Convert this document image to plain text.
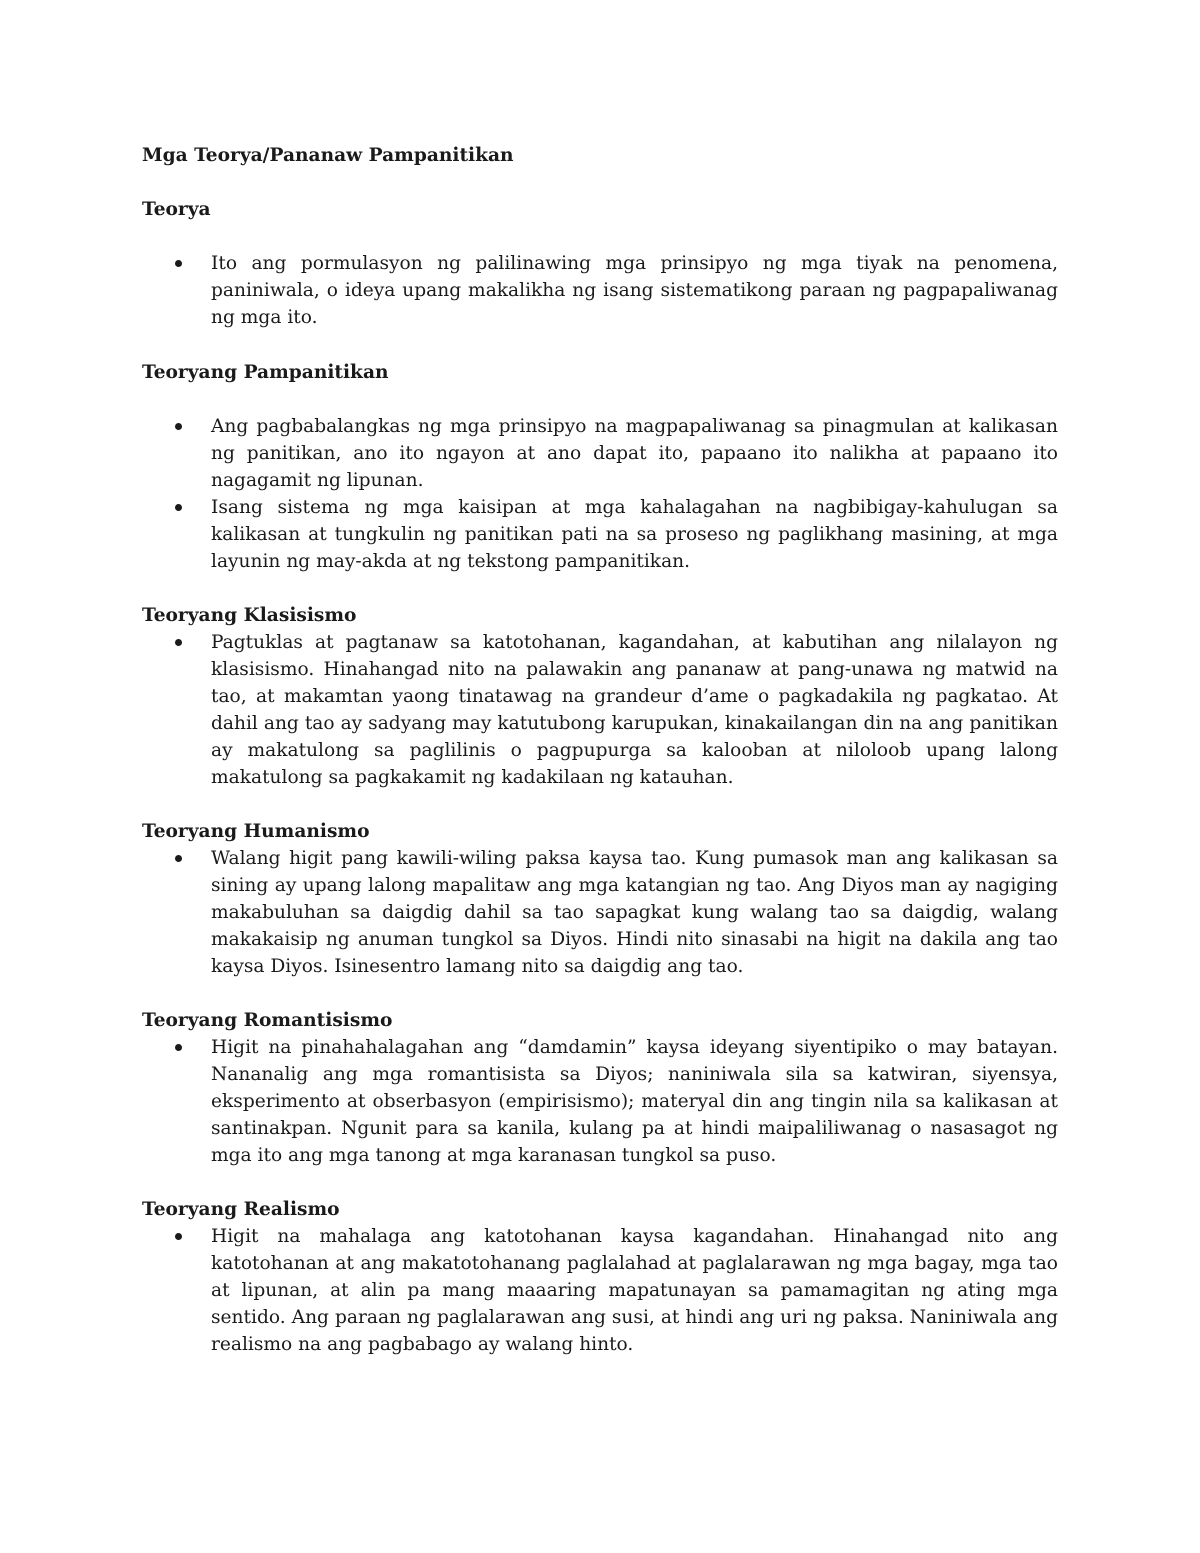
Mga Teorya/Pananaw Pampanitikan

Teorya

Ito ang pormulasyon ng palilinawing mga prinsipyo ng mga tiyak na penomena, paniniwala, o ideya upang makalikha ng isang sistematikong paraan ng pagpapaliwanag ng mga ito.

Teoryang Pampanitikan

Ang pagbabalangkas ng mga prinsipyo na magpapaliwanag sa pinagmulan at kalikasan ng panitikan, ano ito ngayon at ano dapat ito, papaano ito nalikha at papaano ito nagagamit ng lipunan.
Isang sistema ng mga kaisipan at mga kahalagahan na nagbibigay-kahulugan sa kalikasan at tungkulin ng panitikan pati na sa proseso ng paglikhang masining, at mga layunin ng may-akda at ng tekstong pampanitikan.

Teoryang Klasisismo

Pagtuklas at pagtanaw sa katotohanan, kagandahan, at kabutihan ang nilalayon ng klasisismo. Hinahangad nito na palawakin ang pananaw at pang-unawa ng matwid na tao, at makamtan yaong tinatawag na grandeur d’ame o pagkadakila ng pagkatao. At dahil ang tao ay sadyang may katutubong karupukan, kinakailangan din na ang panitikan ay makatulong sa paglilinis o pagpupurga sa kalooban at niloloob upang lalong makatulong sa pagkakamit ng kadakilaan ng katauhan.

Teoryang Humanismo

Walang higit pang kawili-wiling paksa kaysa tao. Kung pumasok man ang kalikasan sa sining ay upang lalong mapalitaw ang mga katangian ng tao. Ang Diyos man ay nagiging makabuluhan sa daigdig dahil sa tao sapagkat kung walang tao sa daigdig, walang makakaisip ng anuman tungkol sa Diyos. Hindi nito sinasabi na higit na dakila ang tao kaysa Diyos. Isinesentro lamang nito sa daigdig ang tao.

Teoryang Romantisismo

Higit na pinahahalagahan ang “damdamin” kaysa ideyang siyentipiko o may batayan. Nananalig ang mga romantisista sa Diyos; naniniwala sila sa katwiran, siyensya, eksperimento at obserbasyon (empirisismo); materyal din ang tingin nila sa kalikasan at santinakpan. Ngunit para sa kanila, kulang pa at hindi maipaliliwanag o nasasagot ng mga ito ang mga tanong at mga karanasan tungkol sa puso.

Teoryang Realismo

Higit na mahalaga ang katotohanan kaysa kagandahan. Hinahangad nito ang katotohanan at ang makatotohanang paglalahad at paglalarawan ng mga bagay, mga tao at lipunan, at alin pa mang maaaring mapatunayan sa pamamagitan ng ating mga sentido. Ang paraan ng paglalarawan ang susi, at hindi ang uri ng paksa. Naniniwala ang realismo na ang pagbabago ay walang hinto.
